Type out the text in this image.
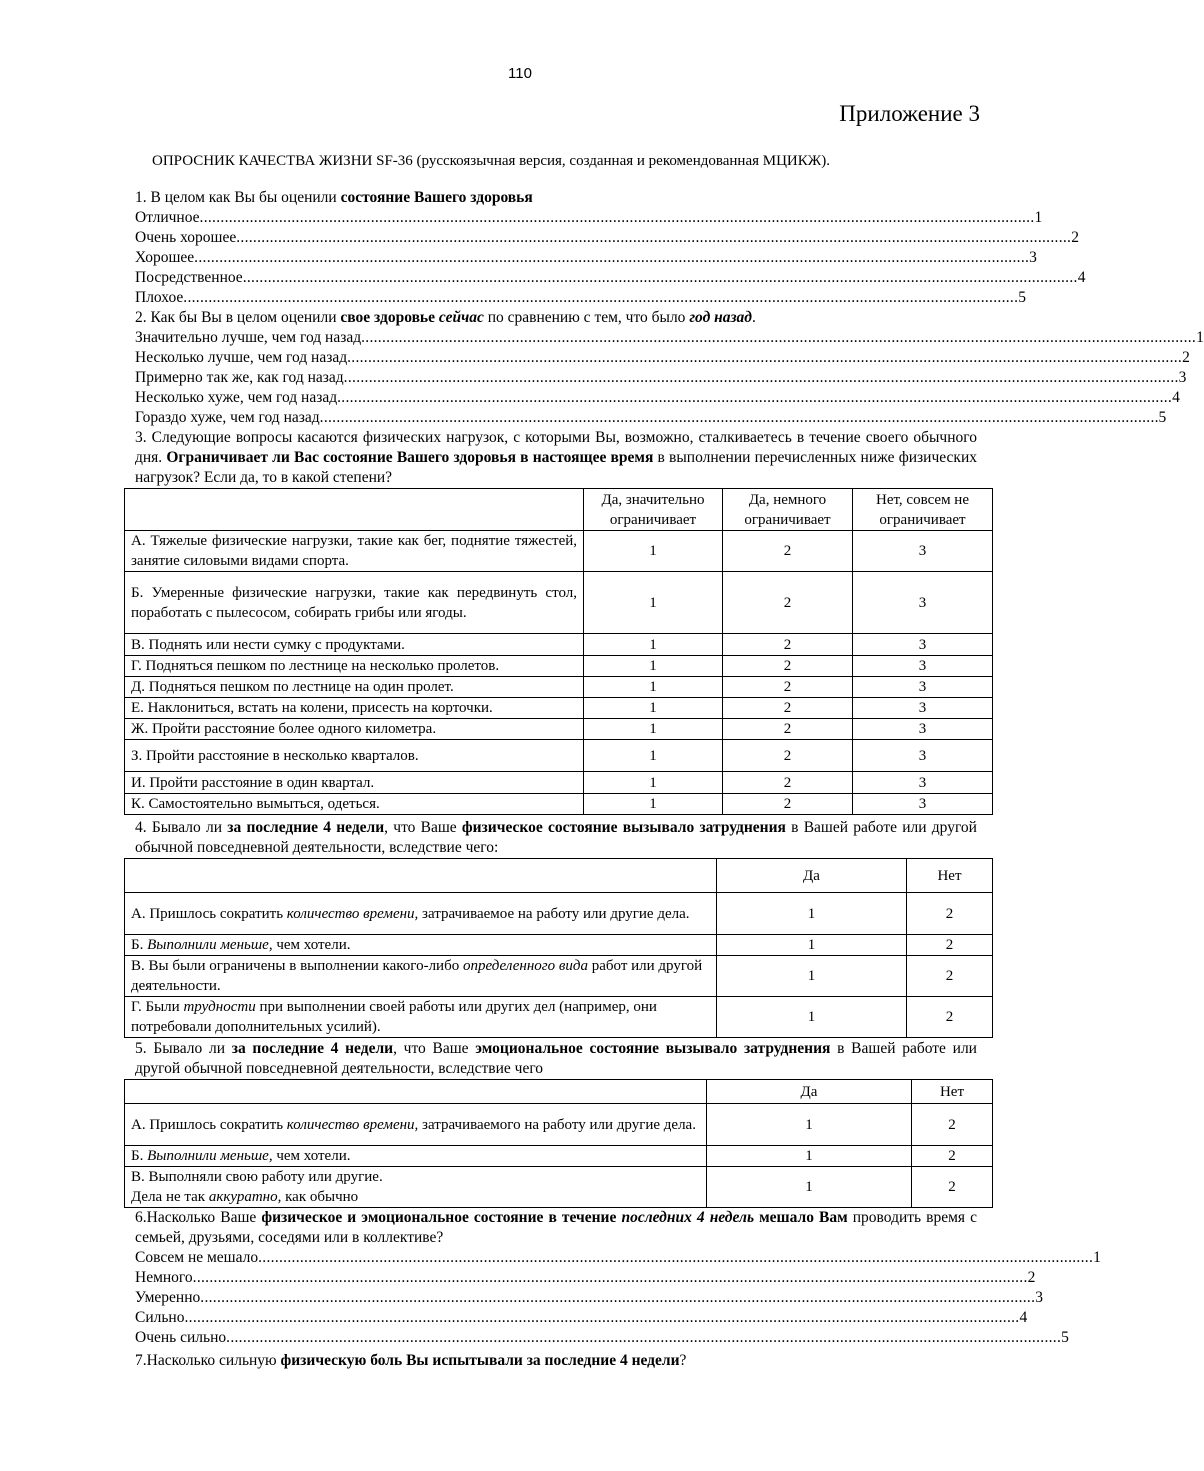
110
Приложение 3
ОПРОСНИК КАЧЕСТВА ЖИЗНИ SF-36 (русскоязычная версия, созданная и рекомендованная МЦИКЖ).
1. В целом как Вы бы оценили состояние Вашего здоровья
Отличное ........................................................................................................................................................................................................ 1
Очень хорошее ........................................................................................................................................................................................................ 2
Хорошее ........................................................................................................................................................................................................ 3
Посредственное ........................................................................................................................................................................................................ 4
Плохое ........................................................................................................................................................................................................ 5
2. Как бы Вы в целом оценили свое здоровье сейчас по сравнению с тем, что было год назад.
Значительно лучше, чем год назад ........................................................................................................................................................................................................ 1
Несколько лучше, чем год назад ........................................................................................................................................................................................................ 2
Примерно так же, как год назад ........................................................................................................................................................................................................ 3
Несколько хуже, чем год назад ........................................................................................................................................................................................................ 4
Гораздо хуже, чем год назад ........................................................................................................................................................................................................ .5
3. Следующие вопросы касаются физических нагрузок, с которыми Вы, возможно, сталкиваетесь в течение своего обычного дня. Ограничивает ли Вас состояние Вашего здоровья в настоящее время в выполнении перечисленных ниже физических нагрузок? Если да, то в какой степени?
	Да, значительно ограничивает	Да, немного ограничивает	Нет, совсем не ограничивает
А. Тяжелые физические нагрузки, такие как бег, поднятие тяжестей, занятие силовыми видами спорта.	1	2	3
Б. Умеренные физические нагрузки, такие как передвинуть стол, поработать с пылесосом, собирать грибы или ягоды.	1	2	3
В. Поднять или нести сумку с продуктами.	1	2	3
Г. Подняться пешком по лестнице на несколько пролетов.	1	2	3
Д. Подняться пешком по лестнице на один пролет.	1	2	3
Е. Наклониться, встать на колени, присесть на корточки.	1	2	3
Ж. Пройти расстояние более одного километра.	1	2	3
З. Пройти расстояние в несколько кварталов.	1	2	3
И. Пройти расстояние в один квартал.	1	2	3
К. Самостоятельно вымыться, одеться.	1	2	3
4. Бывало ли за последние 4 недели, что Ваше физическое состояние вызывало затруднения в Вашей работе или другой обычной повседневной деятельности, вследствие чего:
	Да	Нет
А. Пришлось сократить количество времени, затрачиваемое на работу или другие дела.	1	2
Б. Выполнили меньше, чем хотели.	1	2
В. Вы были ограничены в выполнении какого-либо определенного вида работ или другой деятельности.	1	2
Г. Были трудности при выполнении своей работы или других дел (например, они потребовали дополнительных усилий).	1	2
5. Бывало ли за последние 4 недели, что Ваше эмоциональное состояние вызывало затруднения в Вашей работе или другой обычной повседневной деятельности, вследствие чего
	Да	Нет
А. Пришлось сократить количество времени, затрачиваемого на работу или другие дела.	1	2
Б. Выполнили меньше, чем хотели.	1	2
В. Выполняли свою работу или другие.
Дела не так аккуратно, как обычно	1	2
6.Насколько Ваше физическое и эмоциональное состояние в течение последних 4 недель мешало Вам проводить время с семьей, друзьями, соседями или в коллективе?
Совсем не мешало ........................................................................................................................................................................................................ 1
Немного ........................................................................................................................................................................................................ 2
Умеренно ........................................................................................................................................................................................................ 3
Сильно ........................................................................................................................................................................................................ 4
Очень сильно ........................................................................................................................................................................................................ 5
7.Насколько сильную физическую боль Вы испытывали за последние 4 недели?
